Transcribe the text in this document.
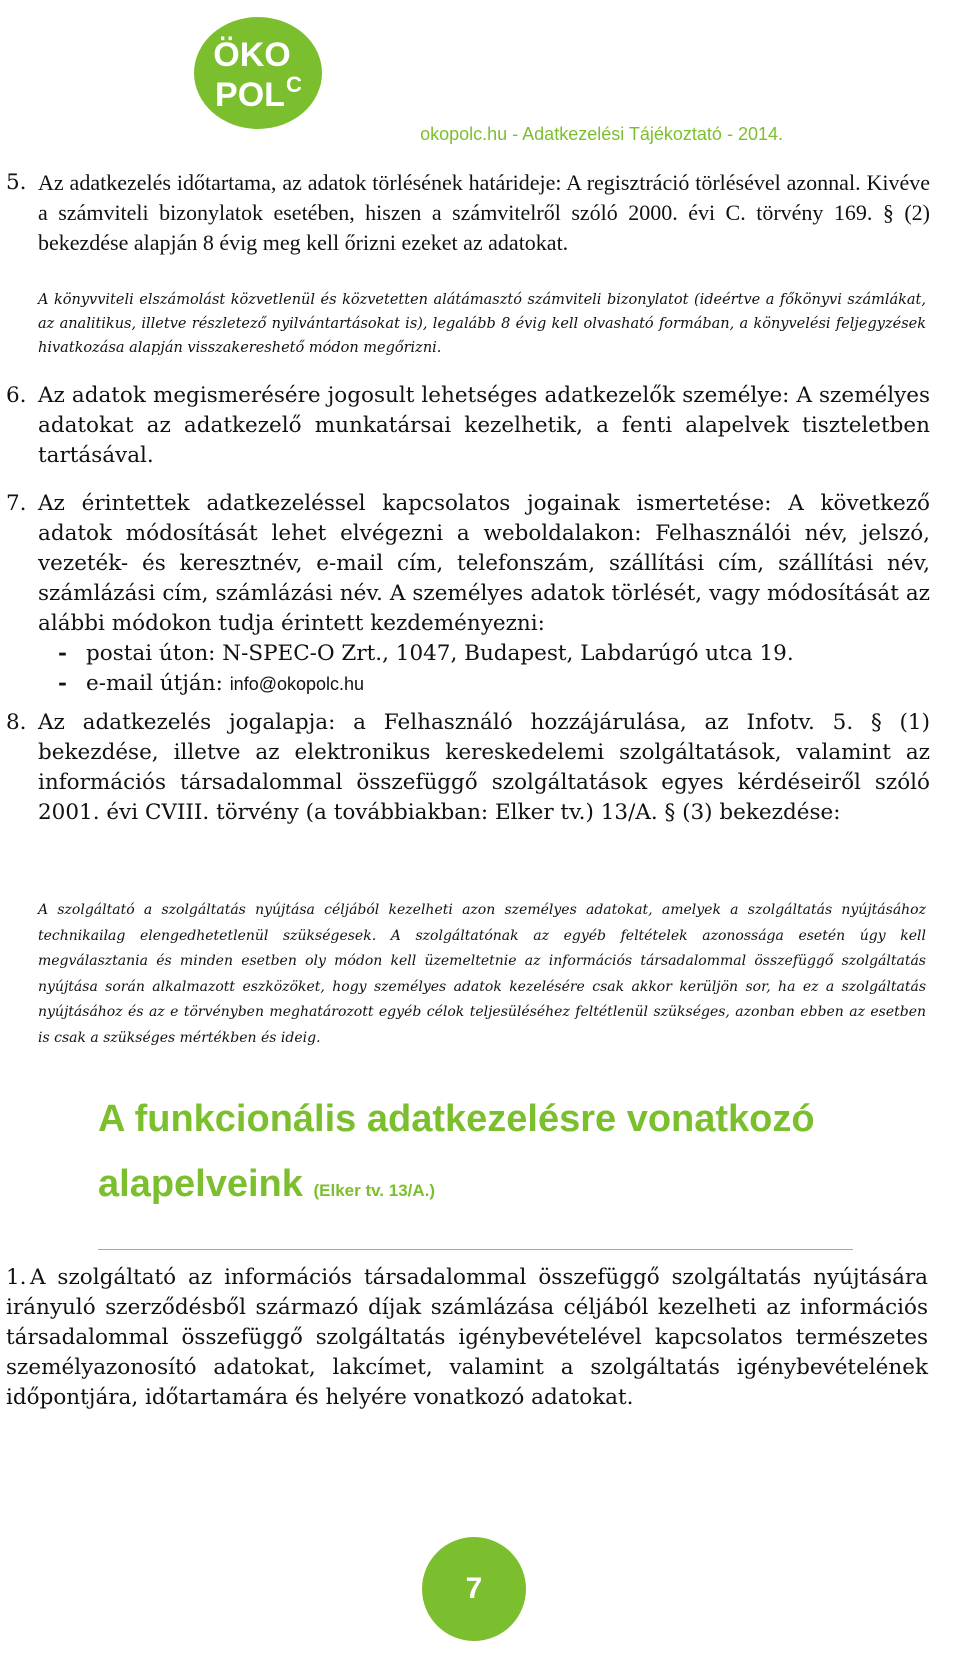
ÖKO
POL C
okopolc.hu - Adatkezelési Tájékoztató - 2014.
5. Az adatkezelés időtartama, az adatok törlésének határideje: A regisztráció törlésével azonnal. Kivéve a számviteli bizonylatok esetében, hiszen a számvitelről szóló 2000. évi C. törvény 169. § (2) bekezdése alapján 8 évig meg kell őrizni ezeket az adatokat.
A könyvviteli elszámolást közvetlenül és közvetetten alátámasztó számviteli bizonylatot (ideértve a főkönyvi számlákat, az analitikus, illetve részletező nyilvántartásokat is), legalább 8 évig kell olvasható formában, a könyvelési feljegyzések hivatkozása alapján visszakereshető módon megőrizni.
6. Az adatok megismerésére jogosult lehetséges adatkezelők személye: A személyes adatokat az adatkezelő munkatársai kezelhetik, a fenti alapelvek tiszteletben tartásával.
7. Az érintettek adatkezeléssel kapcsolatos jogainak ismertetése: A következő adatok módosítását lehet elvégezni a weboldalakon: Felhasználói név, jelszó, vezeték- és keresztnév, e-mail cím, telefonszám, szállítási cím, szállítási név, számlázási cím, számlázási név. A személyes adatok törlését, vagy módosítását az alábbi módokon tudja érintett kezdeményezni:
- postai úton: N-SPEC-O Zrt., 1047, Budapest, Labdarúgó utca 19.
- e-mail útján: info@okopolc.hu
8. Az adatkezelés jogalapja: a Felhasználó hozzájárulása, az Infotv. 5. § (1) bekezdése, illetve az elektronikus kereskedelemi szolgáltatások, valamint az információs társadalommal összefüggő szolgáltatások egyes kérdéseiről szóló 2001. évi CVIII. törvény (a továbbiakban: Elker tv.) 13/A. § (3) bekezdése:
A szolgáltató a szolgáltatás nyújtása céljából kezelheti azon személyes adatokat, amelyek a szolgáltatás nyújtásához technikailag elengedhetetlenül szükségesek. A szolgáltatónak az egyéb feltételek azonossága esetén úgy kell megválasztania és minden esetben oly módon kell üzemeltetnie az információs társadalommal összefüggő szolgáltatás nyújtása során alkalmazott eszközöket, hogy személyes adatok kezelésére csak akkor kerüljön sor, ha ez a szolgáltatás nyújtásához és az e törvényben meghatározott egyéb célok teljesüléséhez feltétlenül szükséges, azonban ebben az esetben is csak a szükséges mértékben és ideig.
A funkcionális adatkezelésre vonatkozó
alapelveink (Elker tv. 13/A.)
1. A szolgáltató az információs társadalommal összefüggő szolgáltatás nyújtására irányuló szerződésből származó díjak számlázása céljából kezelheti az információs társadalommal összefüggő szolgáltatás igénybevételével kapcsolatos természetes személyazonosító adatokat, lakcímet, valamint a szolgáltatás igénybevételének időpontjára, időtartamára és helyére vonatkozó adatokat.
7
